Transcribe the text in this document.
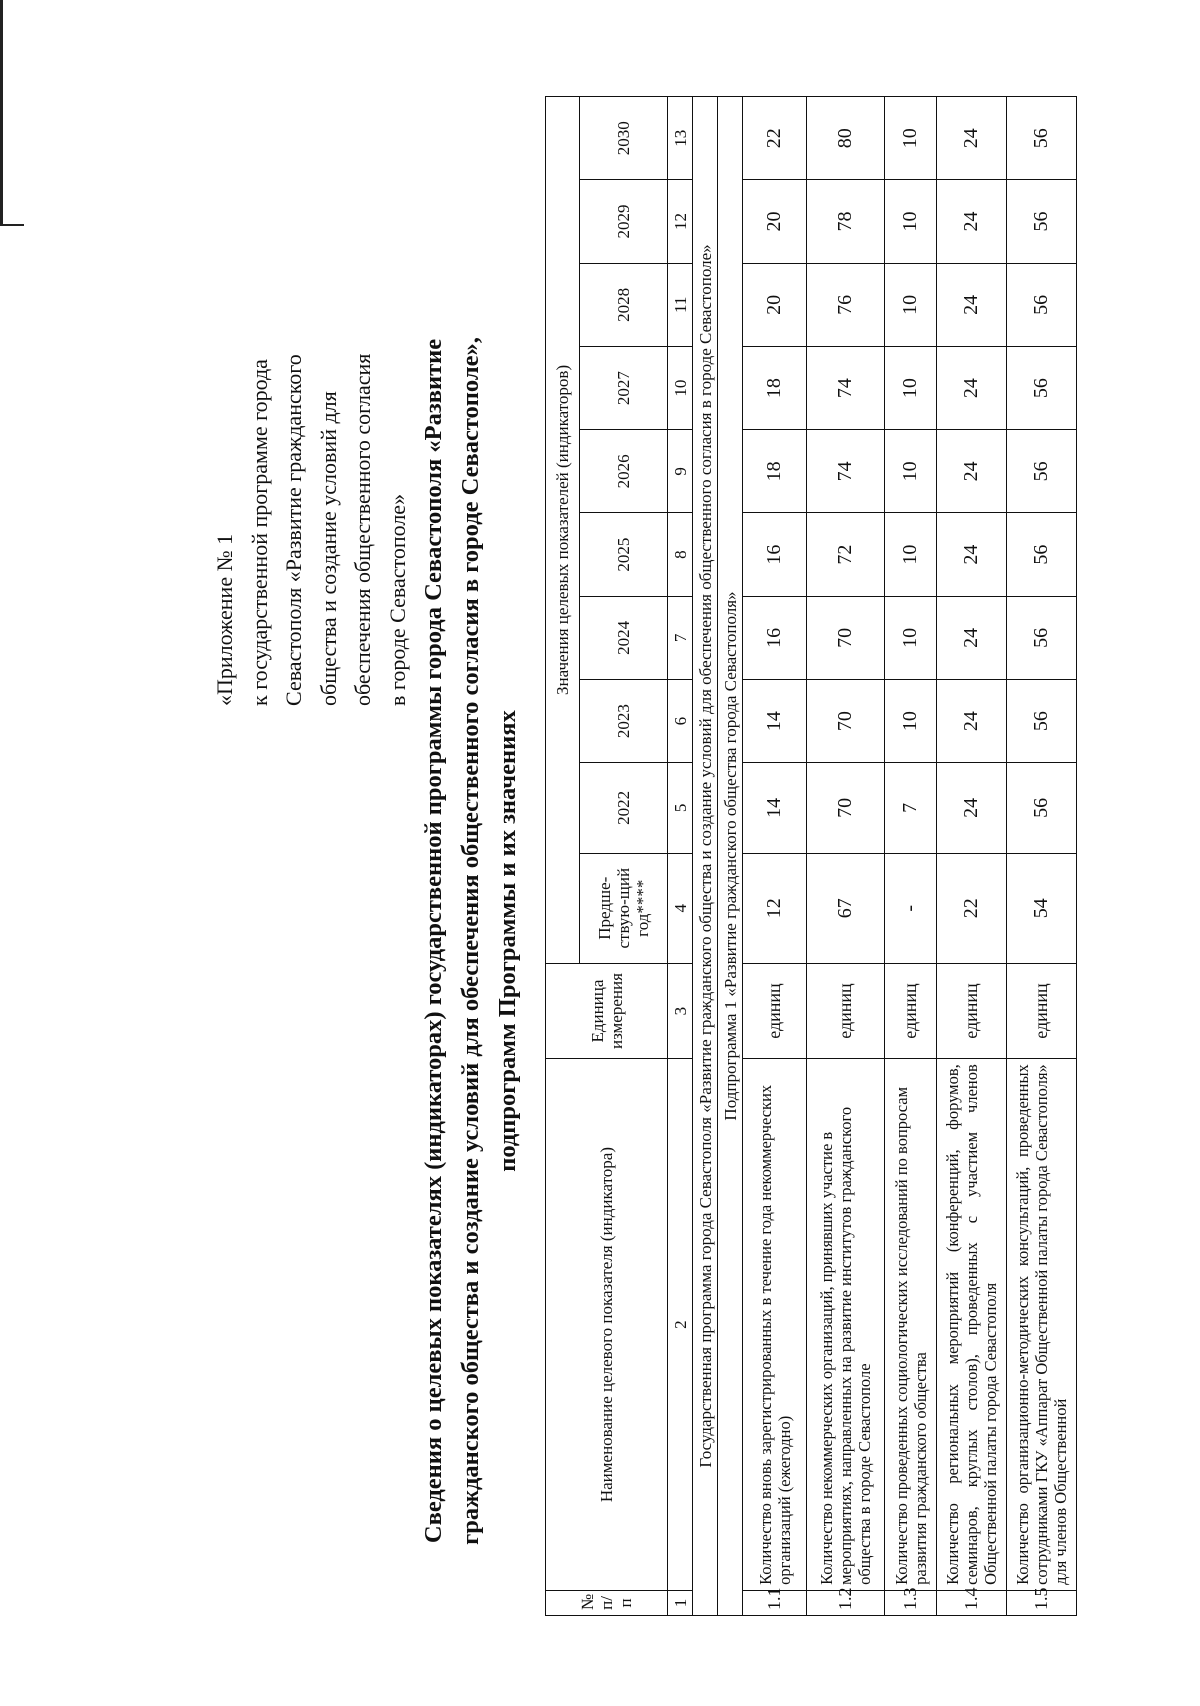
«Приложение № 1 к государственной программе города Севастополя «Развитие гражданского общества и создание условий для обеспечения общественного согласия в городе Севастополе» Сведения о целевых показателях (индикаторах) государственной программы города Севастополя «Развитие гражданского общества и создание условий для обеспечения общественного согласия в городе Севастополе», подпрограмм Программы и их значениях
№ п/п	Наименование целевого показателя (индикатора)	Единица измерения	Значения целевых показателей (индикаторов)									
			Предше-ствую-щий год****	2022	2023	2024	2025	2026	2027	2028	2029	2030
1	2	3	4	5	6	7	8	9	10	11	12	13
Государственная программа города Севастополя «Развитие гражданского общества и создание условий для обеспечения общественного согласия в городе Севастополе»												
Подпрограмма 1 «Развитие гражданского общества города Севастополя»												
1.1	Количество вновь зарегистрированных в течение года некоммерческих организаций (ежегодно)	единиц	12	14	14	16	16	18	18	20	20	22
1.2	Количество некоммерческих организаций, принявших участие в мероприятиях, направленных на развитие институтов гражданского общества в городе Севастополе	единиц	67	70	70	70	72	74	74	76	78	80
1.3	Количество проведенных социологических исследований по вопросам развития гражданского общества	единиц	-	7	10	10	10	10	10	10	10	10
1.4	Количество региональных мероприятий (конференций, форумов, семинаров, круглых столов), проведенных с участием членов Общественной палаты города Севастополя	единиц	22	24	24	24	24	24	24	24	24	24
1.5	Количество организационно-методических консультаций, проведенных сотрудниками ГКУ «Аппарат Общественной палаты города Севастополя» для членов Общественной	единиц	54	56	56	56	56	56	56	56	56	56
